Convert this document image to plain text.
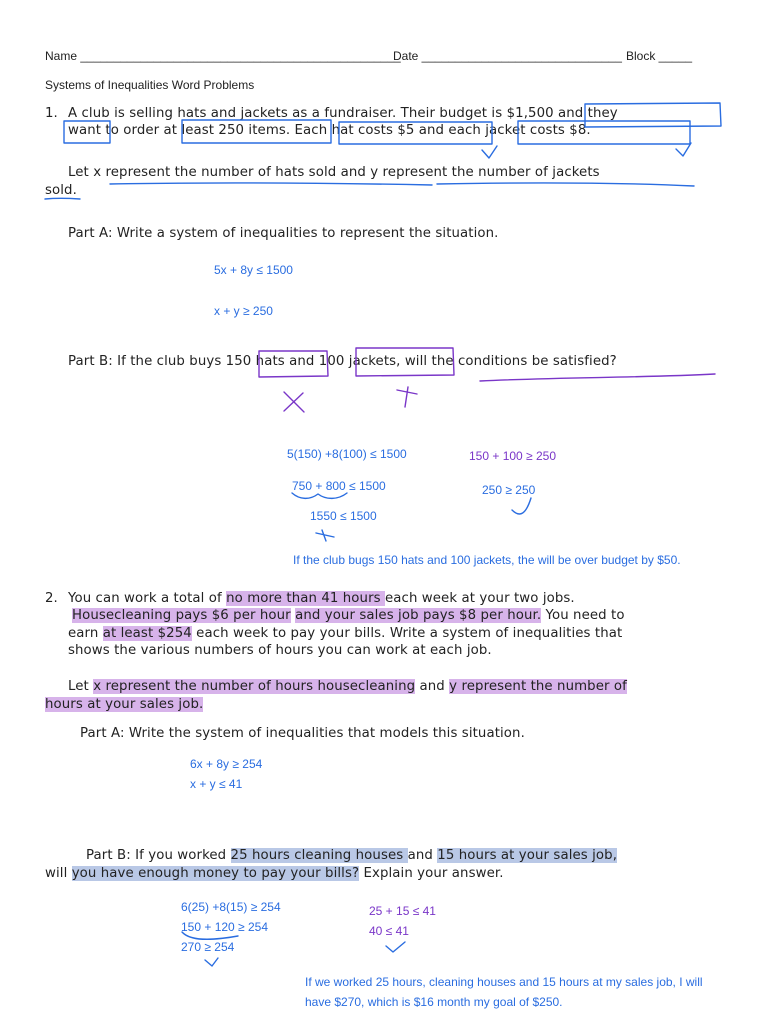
Name ________________________________________________
Date ______________________________ Block _____
Systems of Inequalities Word Problems
1. A club is selling hats and jackets as a fundraiser. Their budget is $1,500 and they
want to order at least 250 items. Each hat costs $5 and each jacket costs $8.
Let x represent the number of hats sold and y represent the number of jackets
sold.
Part A: Write a system of inequalities to represent the situation.
5x + 8y ≤ 1500
x + y ≥ 250
Part B: If the club buys 150 hats and 100 jackets, will the conditions be satisfied?
5(150) +8(100) ≤ 1500
750 + 800 ≤ 1500
1550 ≤ 1500
150 + 100 ≥ 250
250 ≥ 250
If the club bugs 150 hats and 100 jackets, the will be over budget by $50.
2. You can work a total of no more than 41 hours each week at your two jobs.
Housecleaning pays $6 per hour and your sales job pays $8 per hour. You need to
earn at least $254 each week to pay your bills. Write a system of inequalities that
shows the various numbers of hours you can work at each job.
Let x represent the number of hours housecleaning and y represent the number of
hours at your sales job.
Part A: Write the system of inequalities that models this situation.
6x + 8y ≥ 254
x + y ≤ 41
Part B: If you worked 25 hours cleaning houses and 15 hours at your sales job,
will you have enough money to pay your bills? Explain your answer.
6(25) +8(15) ≥ 254
150 + 120 ≥ 254
270 ≥ 254
25 + 15 ≤ 41
40 ≤ 41
If we worked 25 hours, cleaning houses and 15 hours at my sales job, I will
have $270, which is $16 month my goal of $250.
